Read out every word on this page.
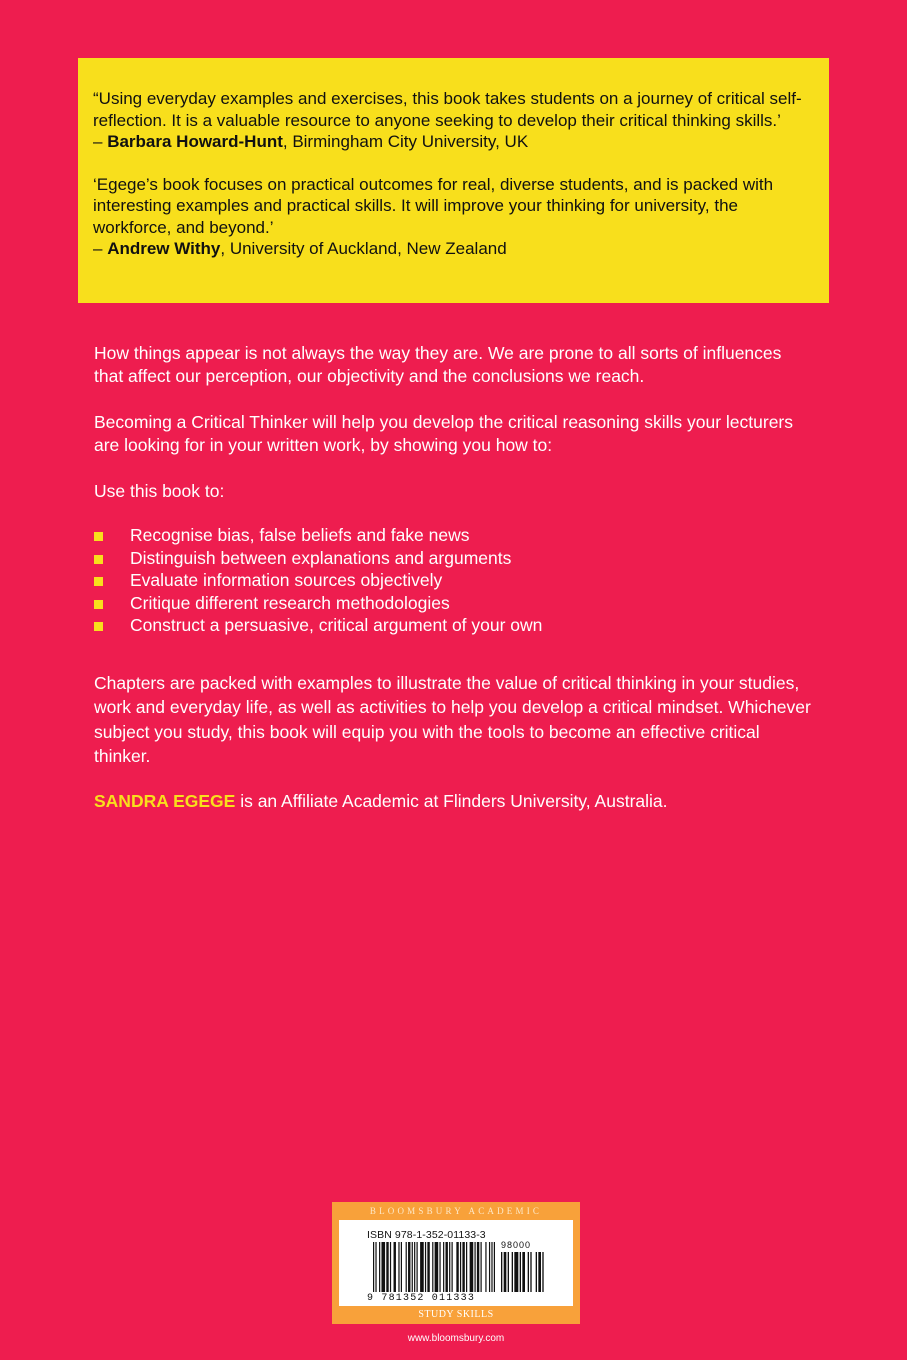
“Using everyday examples and exercises, this book takes students on a journey of critical self-reflection. It is a valuable resource to anyone seeking to develop their critical thinking skills.’
– Barbara Howard-Hunt, Birmingham City University, UK

‘Egege’s book focuses on practical outcomes for real, diverse students, and is packed with interesting examples and practical skills. It will improve your thinking for university, the workforce, and beyond.’
– Andrew Withy, University of Auckland, New Zealand

How things appear is not always the way they are. We are prone to all sorts of influences that affect our perception, our objectivity and the conclusions we reach.

Becoming a Critical Thinker will help you develop the critical reasoning skills your lecturers are looking for in your written work, by showing you how to:

Use this book to:

Recognise bias, false beliefs and fake news
Distinguish between explanations and arguments
Evaluate information sources objectively
Critique different research methodologies
Construct a persuasive, critical argument of your own

Chapters are packed with examples to illustrate the value of critical thinking in your studies, work and everyday life, as well as activities to help you develop a critical mindset. Whichever subject you study, this book will equip you with the tools to become an effective critical thinker.

SANDRA EGEGE is an Affiliate Academic at Flinders University, Australia.

BLOOMSBURY ACADEMIC
ISBN 978-1-352-01133-3
98000
9 781352 011333
STUDY SKILLS
www.bloomsbury.com
